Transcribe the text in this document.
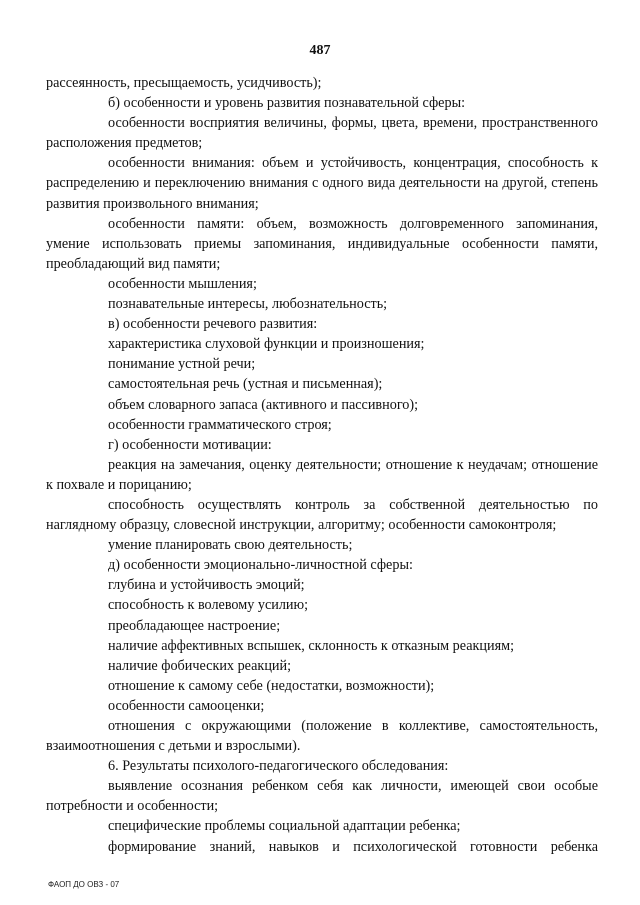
487

рассеянность, пресыщаемость, усидчивость);

б) особенности и уровень развития познавательной сферы:

особенности восприятия величины, формы, цвета, времени, пространственного расположения предметов;

особенности внимания: объем и устойчивость, концентрация, способность к распределению и переключению внимания с одного вида деятельности на другой, степень развития произвольного внимания;

особенности памяти: объем, возможность долговременного запоминания, умение использовать приемы запоминания, индивидуальные особенности памяти, преобладающий вид памяти;

особенности мышления;

познавательные интересы, любознательность;

в) особенности речевого развития:

характеристика слуховой функции и произношения;

понимание устной речи;

самостоятельная речь (устная и письменная);

объем словарного запаса (активного и пассивного);

особенности грамматического строя;

г) особенности мотивации:

реакция на замечания, оценку деятельности; отношение к неудачам; отношение к похвале и порицанию;

способность осуществлять контроль за собственной деятельностью по наглядному образцу, словесной инструкции, алгоритму; особенности самоконтроля;

умение планировать свою деятельность;

д) особенности эмоционально-личностной сферы:

глубина и устойчивость эмоций;

способность к волевому усилию;

преобладающее настроение;

наличие аффективных вспышек, склонность к отказным реакциям;

наличие фобических реакций;

отношение к самому себе (недостатки, возможности);

особенности самооценки;

отношения с окружающими (положение в коллективе, самостоятельность, взаимоотношения с детьми и взрослыми).

6. Результаты психолого-педагогического обследования:

выявление осознания ребенком себя как личности, имеющей свои особые потребности и особенности;

специфические проблемы социальной адаптации ребенка;

формирование знаний, навыков и психологической готовности ребенка

ФАОП ДО ОВЗ - 07
